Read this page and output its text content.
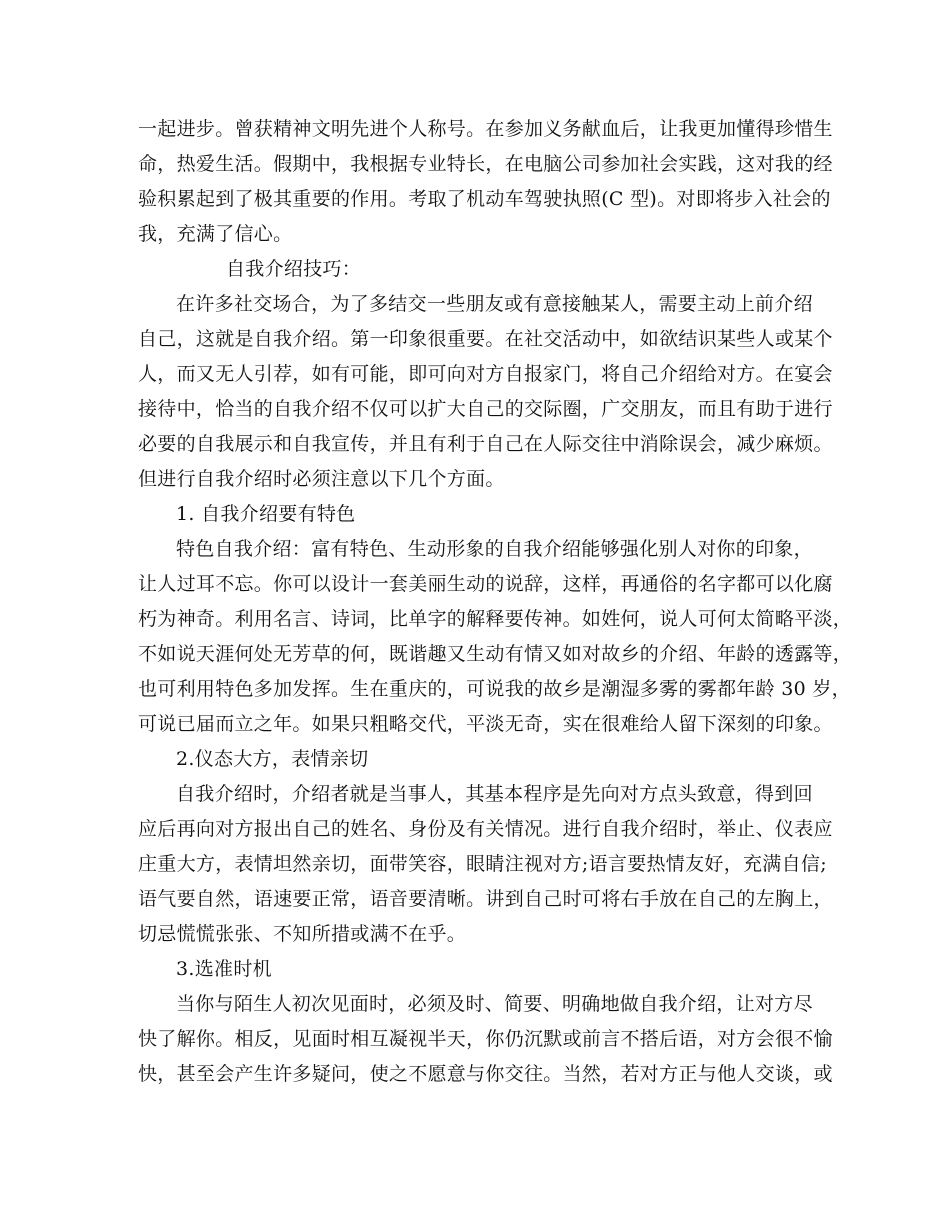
一起进步。曾获精神文明先进个人称号。在参加义务献血后，让我更加懂得珍惜生
命，热爱生活。假期中，我根据专业特长，在电脑公司参加社会实践，这对我的经
验积累起到了极其重要的作用。考取了机动车驾驶执照(C 型)。对即将步入社会的
我，充满了信心。
自我介绍技巧：
在许多社交场合，为了多结交一些朋友或有意接触某人，需要主动上前介绍
自己，这就是自我介绍。第一印象很重要。在社交活动中，如欲结识某些人或某个
人，而又无人引荐，如有可能，即可向对方自报家门，将自己介绍给对方。在宴会
接待中，恰当的自我介绍不仅可以扩大自己的交际圈，广交朋友，而且有助于进行
必要的自我展示和自我宣传，并且有利于自己在人际交往中消除误会，减少麻烦。
但进行自我介绍时必须注意以下几个方面。
1. 自我介绍要有特色
特色自我介绍：富有特色、生动形象的自我介绍能够强化别人对你的印象，
让人过耳不忘。你可以设计一套美丽生动的说辞，这样，再通俗的名字都可以化腐
朽为神奇。利用名言、诗词，比单字的解释要传神。如姓何，说人可何太简略平淡，
不如说天涯何处无芳草的何，既谐趣又生动有情又如对故乡的介绍、年龄的透露等，
也可利用特色多加发挥。生在重庆的，可说我的故乡是潮湿多雾的雾都年龄 30 岁，
可说已届而立之年。如果只粗略交代，平淡无奇，实在很难给人留下深刻的印象。
2.仪态大方，表情亲切
自我介绍时，介绍者就是当事人，其基本程序是先向对方点头致意，得到回
应后再向对方报出自己的姓名、身份及有关情况。进行自我介绍时，举止、仪表应
庄重大方，表情坦然亲切，面带笑容，眼睛注视对方;语言要热情友好，充满自信;
语气要自然，语速要正常，语音要清晰。讲到自己时可将右手放在自己的左胸上，
切忌慌慌张张、不知所措或满不在乎。
3.选准时机
当你与陌生人初次见面时，必须及时、简要、明确地做自我介绍，让对方尽
快了解你。相反，见面时相互凝视半天，你仍沉默或前言不搭后语，对方会很不愉
快，甚至会产生许多疑问，使之不愿意与你交往。当然，若对方正与他人交谈，或
